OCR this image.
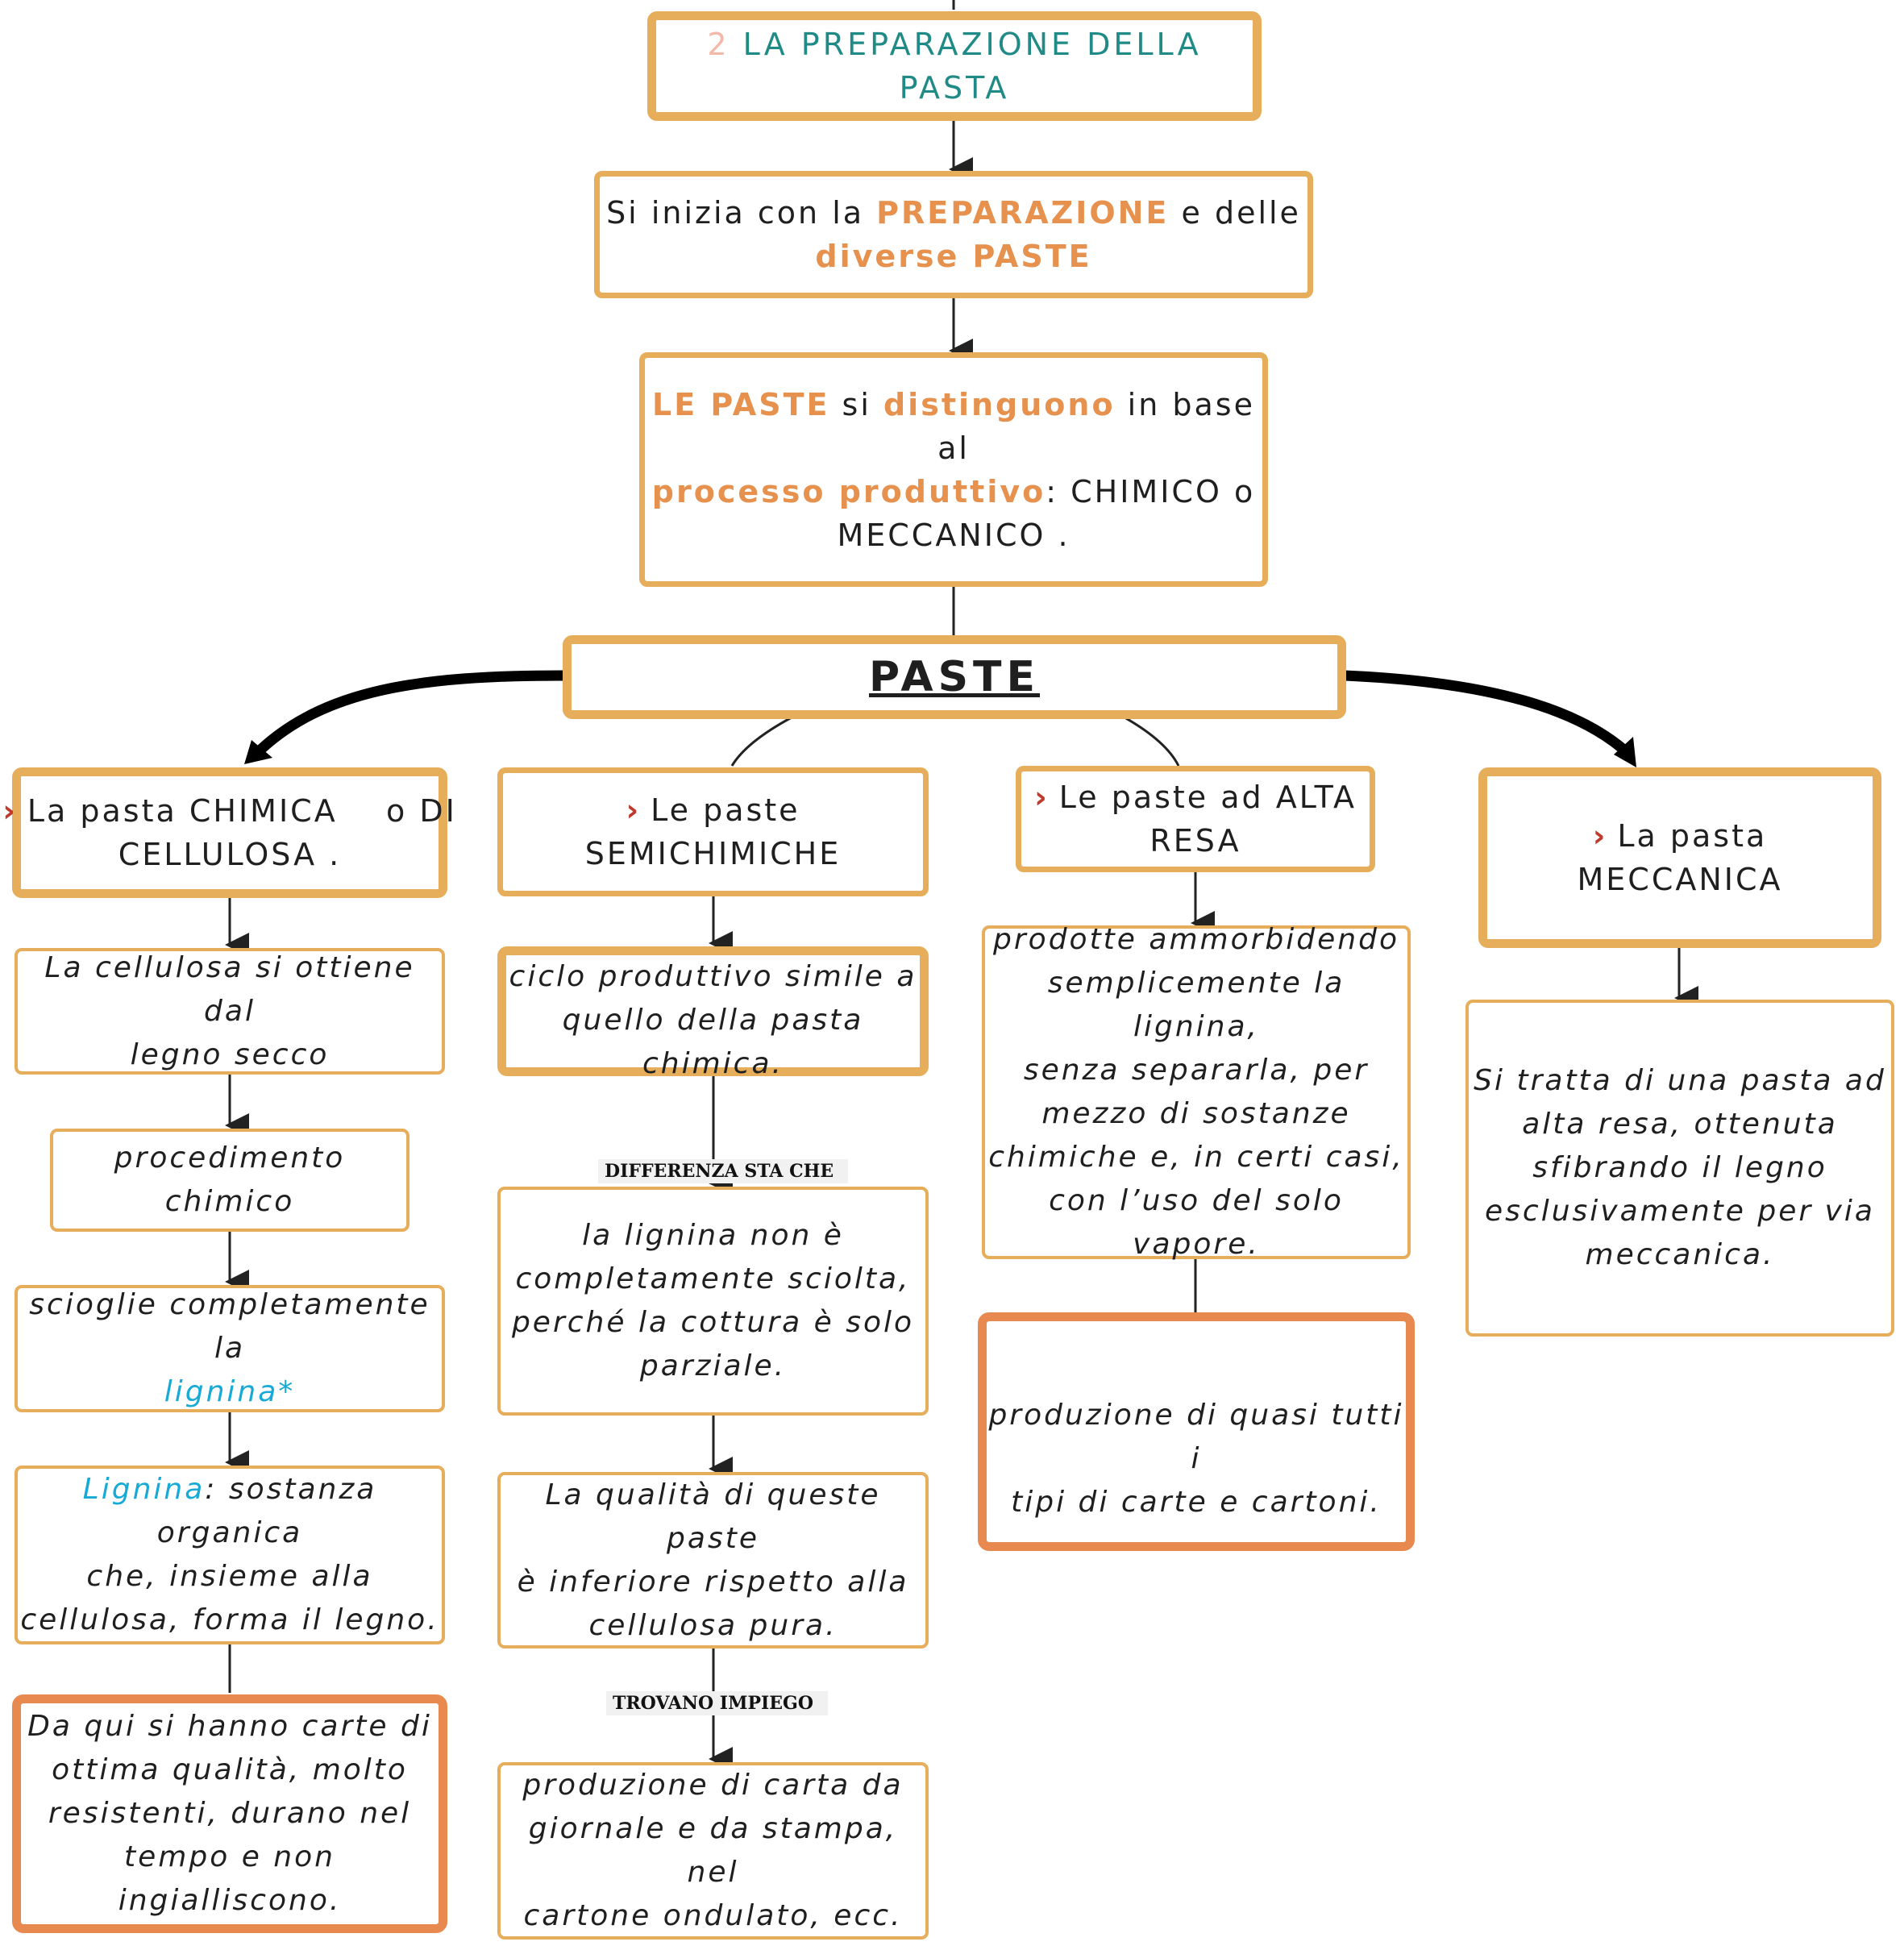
2 LA PREPARAZIONE DELLA PASTA

Si inizia con la PREPARAZIONE e delle

diverse PASTE

LE PASTE si distinguono in base al

processo produttivo: CHIMICO o

MECCANICO .

PASTE

› La pasta CHIMICA    o DI

CELLULOSA .

La cellulosa si ottiene dal

legno secco

procedimento

chimico

scioglie completamente la

lignina*

Lignina: sostanza organica

che, insieme alla

cellulosa, forma il legno.

Da qui si hanno carte di

ottima qualità, molto

resistenti, durano nel

tempo e non ingialliscono.

› Le paste

SEMICHIMICHE

ciclo produttivo simile a

quello della pasta

chimica.

DIFFERENZA STA CHE

la lignina non è

completamente sciolta,

perché la cottura è solo

parziale.

La qualità di queste paste

è inferiore rispetto alla

cellulosa pura.

TROVANO IMPIEGO

produzione di carta da

giornale e da stampa, nel

cartone ondulato, ecc.

› Le paste ad ALTA

RESA

prodotte ammorbidendo

semplicemente la lignina,

senza separarla, per

mezzo di sostanze

chimiche e, in certi casi,

con l’uso del solo vapore.

produzione di quasi tutti i

tipi di carte e cartoni.

› La pasta MECCANICA

Si tratta di una pasta ad

alta resa, ottenuta

sfibrando il legno

esclusivamente per via

meccanica.
